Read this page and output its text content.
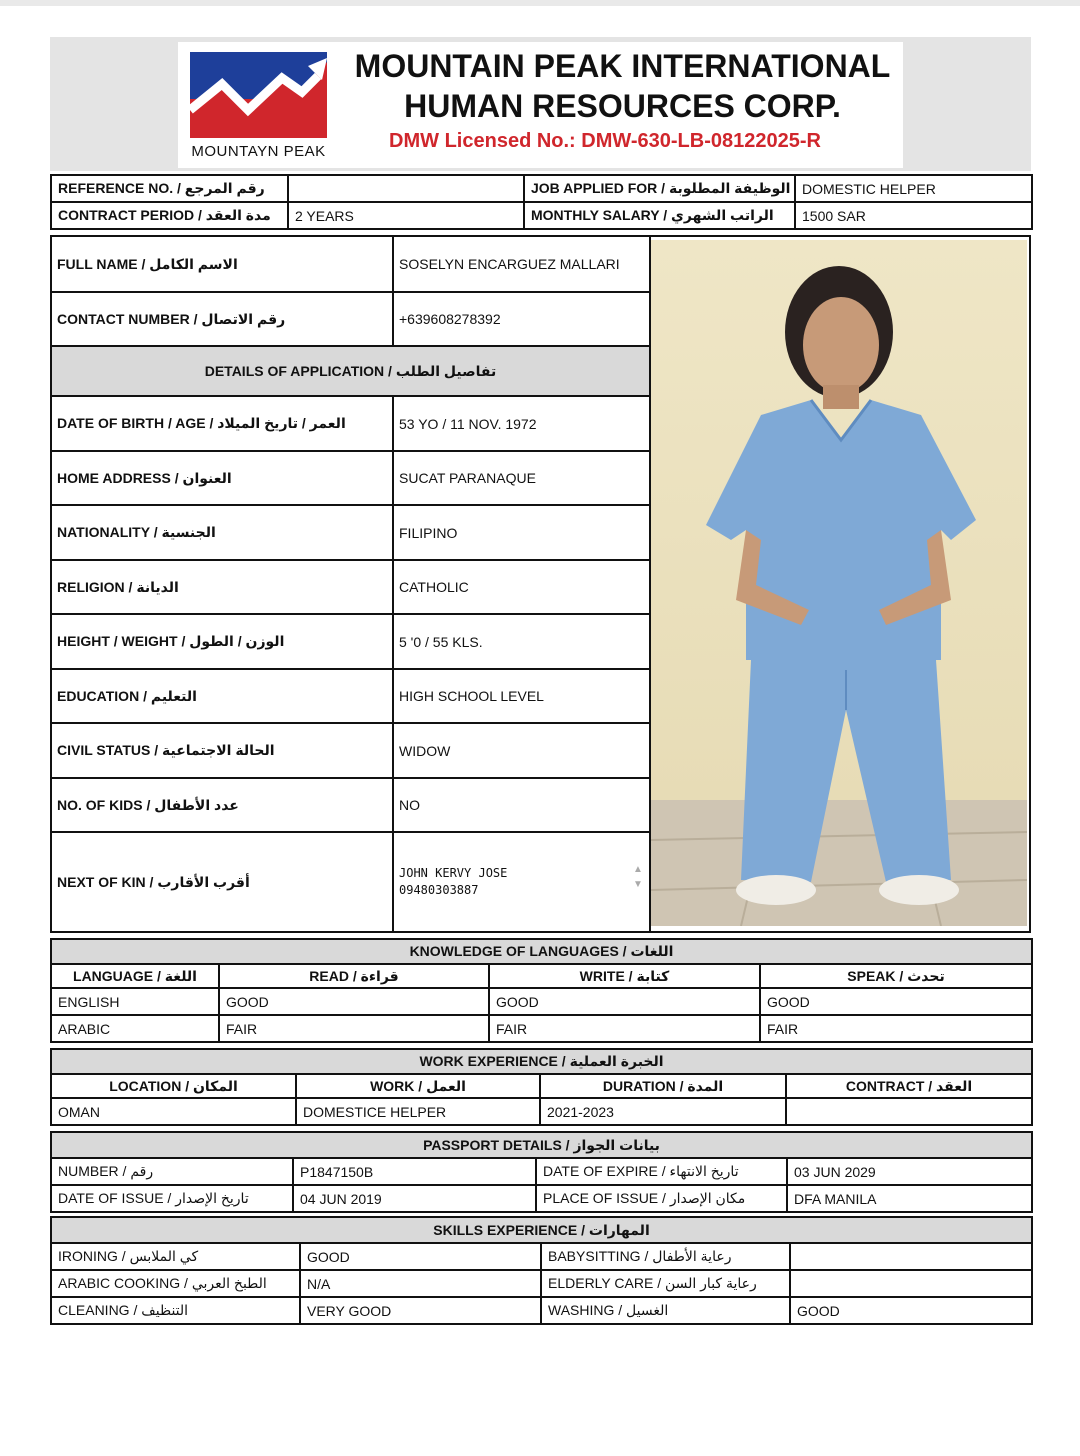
MOUNTAYN PEAK
MOUNTAIN PEAK INTERNATIONAL
HUMAN RESOURCES CORP.
DMW Licensed No.: DMW-630-LB-08122025-R
REFERENCE NO. / رقم المرجع		JOB APPLIED FOR / الوظيفة المطلوبة	DOMESTIC HELPER
CONTRACT PERIOD / مدة العقد	2 YEARS	MONTHLY SALARY / الراتب الشهري	1500 SAR
FULL NAME / الاسم الكامل	SOSELYN ENCARGUEZ MALLARI
CONTACT NUMBER / رقم الاتصال	+639608278392
DETAILS OF APPLICATION / تفاصيل الطلب	
DATE OF BIRTH / AGE / العمر / تاريخ الميلاد	53 YO / 11 NOV. 1972
HOME ADDRESS / العنوان	SUCAT PARANAQUE
NATIONALITY / الجنسية	FILIPINO
RELIGION / الديانة	CATHOLIC
HEIGHT / WEIGHT / الوزن / الطول	5 '0 / 55 KLS.
EDUCATION / التعليم	HIGH SCHOOL LEVEL
CIVIL STATUS / الحالة الاجتماعية	WIDOW
NO. OF KIDS / عدد الأطفال	NO
NEXT OF KIN / أقرب الأقارب	JOHN KERVY JOSE
09480303887
▲
▼
KNOWLEDGE OF LANGUAGES / اللغات			
LANGUAGE / اللغة	READ / قراءة	WRITE / كتابة	SPEAK / تحدث
ENGLISH	GOOD	GOOD	GOOD
ARABIC	FAIR	FAIR	FAIR
WORK EXPERIENCE / الخبرة العملية			
LOCATION / المكان	WORK / العمل	DURATION / المدة	CONTRACT / العقد
OMAN	DOMESTICE HELPER	2021-2023	
PASSPORT DETAILS / بيانات الجواز			
NUMBER / رقم	P1847150B	DATE OF EXPIRE / تاريخ الانتهاء	03 JUN 2029
DATE OF ISSUE / تاريخ الإصدار	04 JUN 2019	PLACE OF ISSUE / مكان الإصدار	DFA MANILA
SKILLS EXPERIENCE / المهارات			
IRONING / كي الملابس	GOOD	BABYSITTING / رعاية الأطفال	
ARABIC COOKING / الطبخ العربي	N/A	ELDERLY CARE / رعاية كبار السن	
CLEANING / التنظيف	VERY GOOD	WASHING / الغسيل	GOOD
